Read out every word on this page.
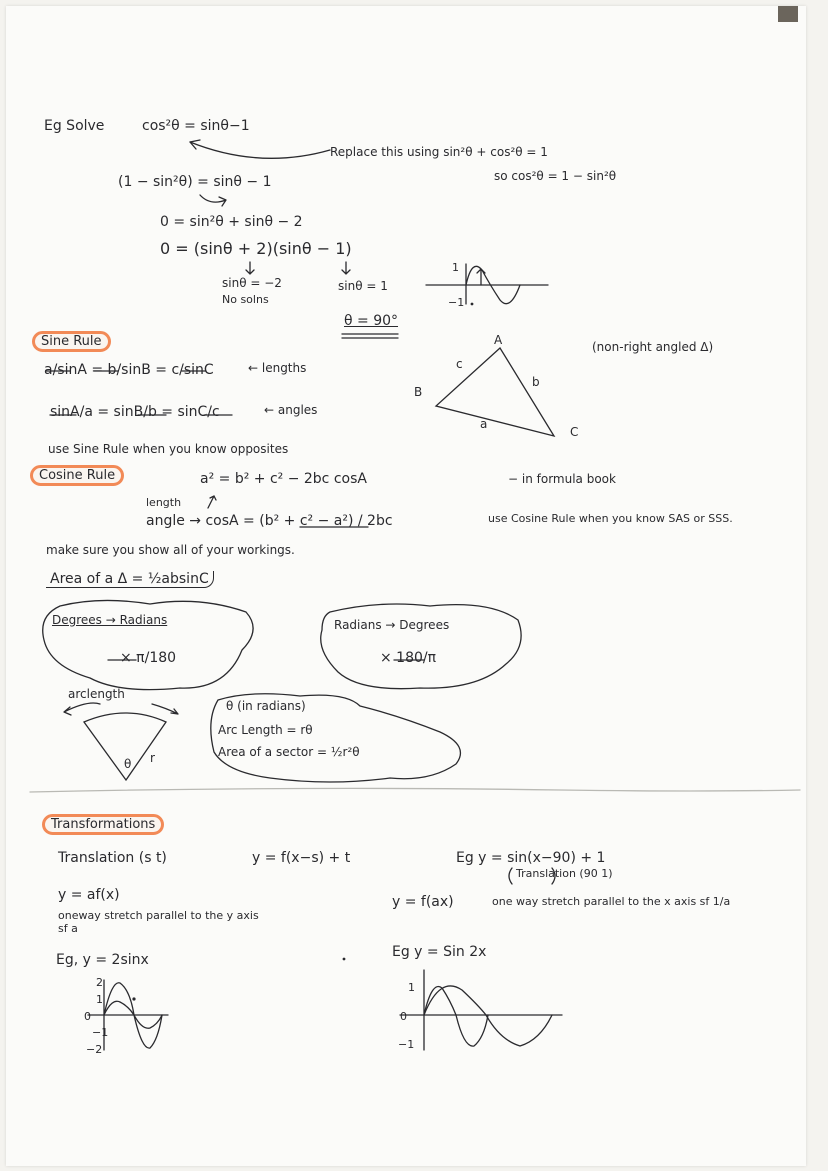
Eg Solve	cos²θ = sinθ−1
Replace this using sin²θ + cos²θ = 1
so cos²θ = 1 − sin²θ
(1 − sin²θ) = sinθ − 1
0 = sin²θ + sinθ − 2
0 = (sinθ + 2)(sinθ − 1)
sinθ = −2
No solns
sinθ = 1
θ = 90°
1
−1
Sine Rule
a/sinA = b/sinB = c/sinC	← lengths
sinA/a = sinB/b = sinC/c	← angles
use Sine Rule when you know opposites
(non-right angled Δ)
A
B
C
a
b
c
Cosine Rule	a² = b² + c² − 2bc cosA	− in formula book
length
angle → cosA = (b² + c² − a²) / 2bc	use Cosine Rule when you know SAS or SSS.
make sure you show all of your workings.
Area of a Δ = ½absinC
Degrees → Radians
× π/180
Radians → Degrees
× 180/π
arclength
θ r
θ (in radians)
Arc Length = rθ
Area of a sector = ½r²θ
Transformations
Translation (s t)	y = f(x−s) + t	Eg y = sin(x−90) + 1
Translation (90 1)
y = af(x)
oneway stretch parallel to the y axis sf a
y = f(ax)	one way stretch parallel to the x axis sf 1/a
Eg, y = 2sinx	Eg y = Sin 2x
2
1
0
−1
−2
1
0
−1
